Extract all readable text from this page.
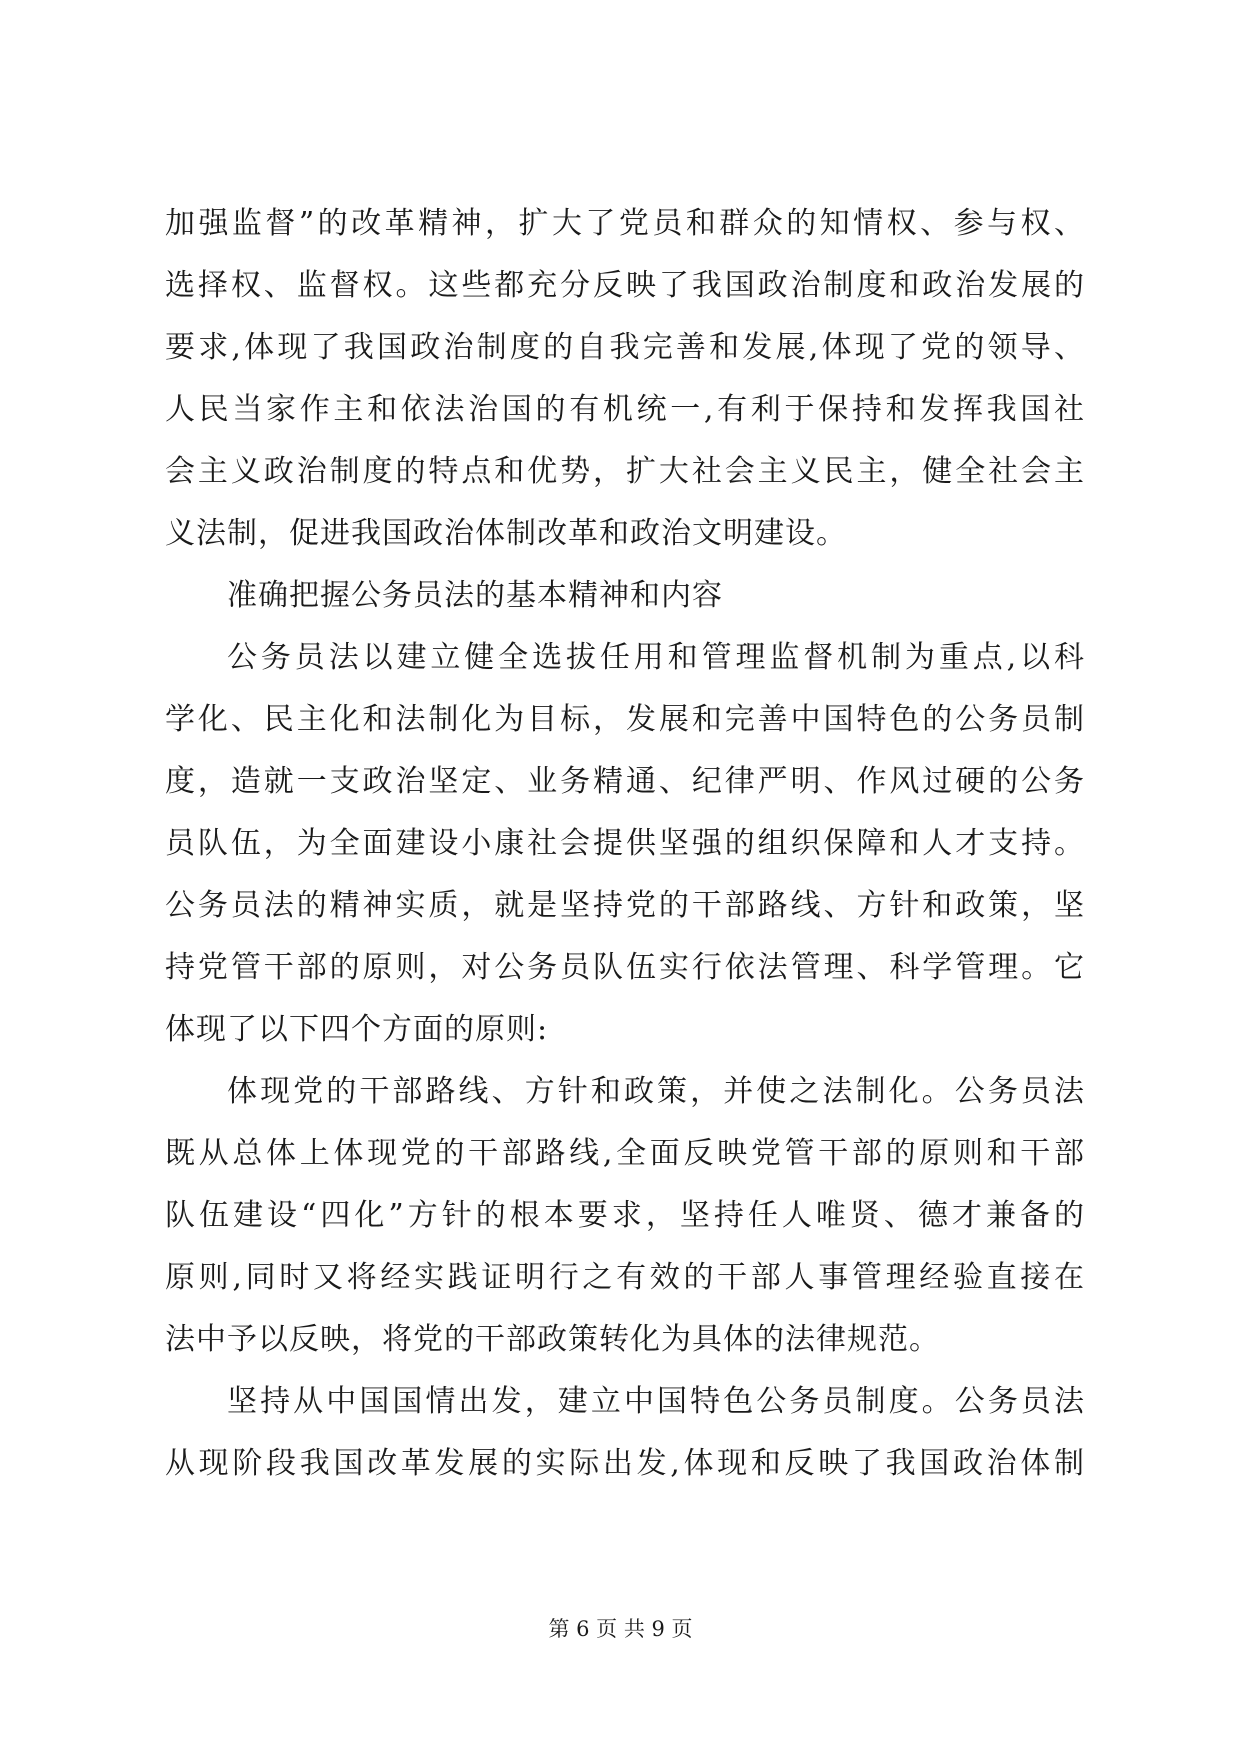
加强监督”的改革精神，扩大了党员和群众的知情权、参与权、
选择权、监督权。这些都充分反映了我国政治制度和政治发展的
要求,体现了我国政治制度的自我完善和发展,体现了党的领导、
人民当家作主和依法治国的有机统一,有利于保持和发挥我国社
会主义政治制度的特点和优势，扩大社会主义民主，健全社会主
义法制，促进我国政治体制改革和政治文明建设。
准确把握公务员法的基本精神和内容
公务员法以建立健全选拔任用和管理监督机制为重点,以科
学化、民主化和法制化为目标，发展和完善中国特色的公务员制
度，造就一支政治坚定、业务精通、纪律严明、作风过硬的公务
员队伍，为全面建设小康社会提供坚强的组织保障和人才支持。
公务员法的精神实质，就是坚持党的干部路线、方针和政策，坚
持党管干部的原则，对公务员队伍实行依法管理、科学管理。它
体现了以下四个方面的原则:
体现党的干部路线、方针和政策，并使之法制化。公务员法
既从总体上体现党的干部路线,全面反映党管干部的原则和干部
队伍建设“四化”方针的根本要求，坚持任人唯贤、德才兼备的
原则,同时又将经实践证明行之有效的干部人事管理经验直接在
法中予以反映，将党的干部政策转化为具体的法律规范。
坚持从中国国情出发，建立中国特色公务员制度。公务员法
从现阶段我国改革发展的实际出发,体现和反映了我国政治体制
第 6 页 共 9 页
